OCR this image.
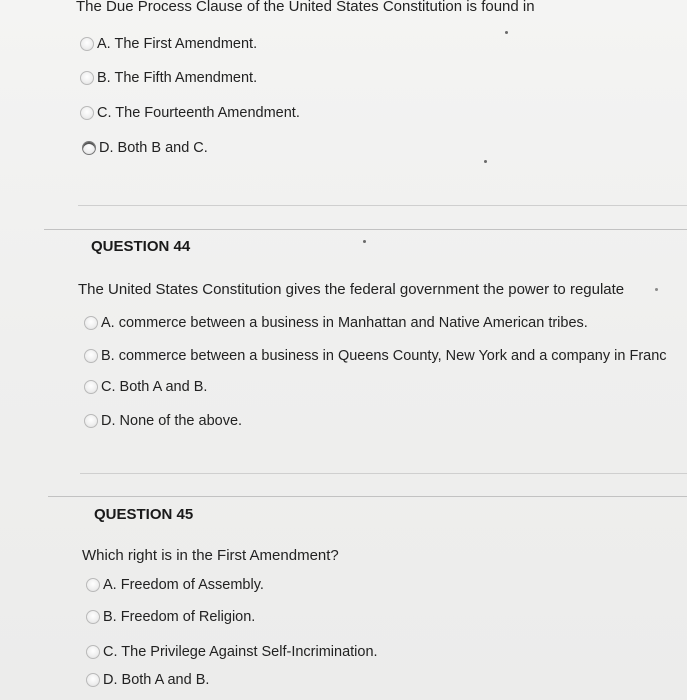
The Due Process Clause of the United States Constitution is found in
A. The First Amendment.
B. The Fifth Amendment.
C. The Fourteenth Amendment.
D. Both B and C.
QUESTION 44
The United States Constitution gives the federal government the power to regulate
A. commerce between a business in Manhattan and Native American tribes.
B. commerce between a business in Queens County, New York and a company in Franc
C. Both A and B.
D. None of the above.
QUESTION 45
Which right is in the First Amendment?
A. Freedom of Assembly.
B. Freedom of Religion.
C. The Privilege Against Self-Incrimination.
D. Both A and B.
